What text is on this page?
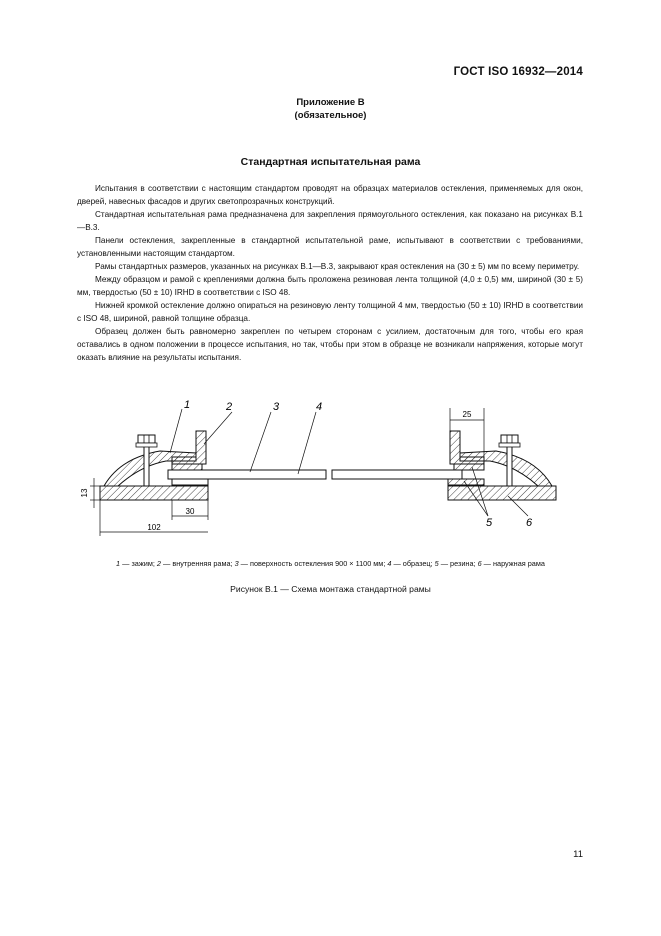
ГОСТ ISO 16932—2014
Приложение В
(обязательное)
Стандартная испытательная рама

Испытания в соответствии с настоящим стандартом проводят на образцах материалов остекления, применяемых для окон, дверей, навесных фасадов и других светопрозрачных конструкций.

Стандартная испытательная рама предназначена для закрепления прямоугольного остекления, как показано на рисунках В.1—В.3.

Панели остекления, закрепленные в стандартной испытательной раме, испытывают в соответствии с требованиями, установленными настоящим стандартом.

Рамы стандартных размеров, указанных на рисунках В.1—В.3, закрывают края остекления на (30 ± 5) мм по всему периметру.

Между образцом и рамой с креплениями должна быть проложена резиновая лента толщиной (4,0 ± 0,5) мм, шириной (30 ± 5) мм, твердостью (50 ± 10) IRHD в соответствии с ISO 48.

Нижней кромкой остекление должно опираться на резиновую ленту толщиной 4 мм, твердостью (50 ± 10) IRHD в соответствии с ISO 48, шириной, равной толщине образца.

Образец должен быть равномерно закреплен по четырем сторонам с усилием, достаточным для того, чтобы его края оставались в одном положении в процессе испытания, но так, чтобы при этом в образце не возникали напряжения, которые могут оказать влияние на результаты испытания.

13
30
102
25
1	2	3	4
5	6
1 — зажим; 2 — внутренняя рама; 3 — поверхность остекления 900 × 1100 мм; 4 — образец; 5 — резина; 6 — наружная рама
Рисунок В.1 — Схема монтажа стандартной рамы
11
